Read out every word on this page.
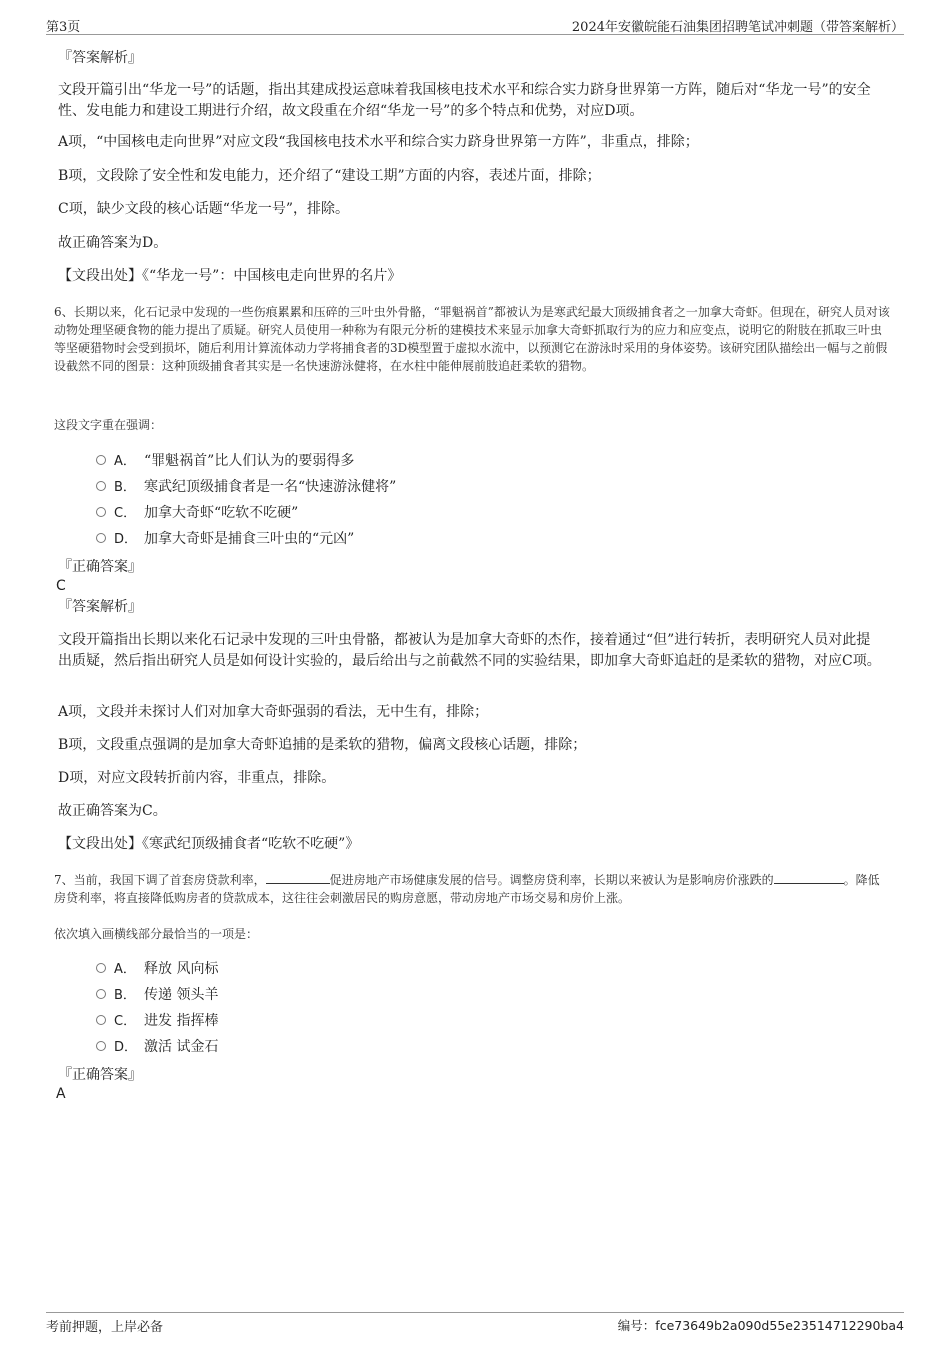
第3页	2024年安徽皖能石油集团招聘笔试冲刺题（带答案解析）
『答案解析』

文段开篇引出“华龙一号”的话题，指出其建成投运意味着我国核电技术水平和综合实力跻身世界第一方阵，随后对“华龙一号”的安全性、发电能力和建设工期进行介绍，故文段重在介绍“华龙一号”的多个特点和优势，对应D项。

A项，“中国核电走向世界”对应文段“我国核电技术水平和综合实力跻身世界第一方阵”，非重点，排除；

B项，文段除了安全性和发电能力，还介绍了“建设工期”方面的内容，表述片面，排除；

C项，缺少文段的核心话题“华龙一号”，排除。

故正确答案为D。

【文段出处】《“华龙一号”：中国核电走向世界的名片》

6、长期以来，化石记录中发现的一些伤痕累累和压碎的三叶虫外骨骼，“罪魁祸首”都被认为是寒武纪最大顶级捕食者之一加拿大奇虾。但现在，研究人员对该动物处理坚硬食物的能力提出了质疑。研究人员使用一种称为有限元分析的建模技术来显示加拿大奇虾抓取行为的应力和应变点，说明它的附肢在抓取三叶虫等坚硬猎物时会受到损坏，随后利用计算流体动力学将捕食者的3D模型置于虚拟水流中，以预测它在游泳时采用的身体姿势。该研究团队描绘出一幅与之前假设截然不同的图景：这种顶级捕食者其实是一名快速游泳健将，在水柱中能伸展前肢追赶柔软的猎物。

这段文字重在强调：

A． “罪魁祸首”比人们认为的要弱得多
B． 寒武纪顶级捕食者是一名“快速游泳健将”
C． 加拿大奇虾“吃软不吃硬”
D． 加拿大奇虾是捕食三叶虫的“元凶”
『正确答案』
C
『答案解析』

文段开篇指出长期以来化石记录中发现的三叶虫骨骼，都被认为是加拿大奇虾的杰作，接着通过“但”进行转折，表明研究人员对此提出质疑，然后指出研究人员是如何设计实验的，最后给出与之前截然不同的实验结果，即加拿大奇虾追赶的是柔软的猎物，对应C项。

A项，文段并未探讨人们对加拿大奇虾强弱的看法，无中生有，排除；

B项，文段重点强调的是加拿大奇虾追捕的是柔软的猎物，偏离文段核心话题，排除；

D项，对应文段转折前内容，非重点，排除。

故正确答案为C。

【文段出处】《寒武纪顶级捕食者“吃软不吃硬”》

7、当前，我国下调了首套房贷款利率，	促进房地产市场健康发展的信号。调整房贷利率，长期以来被认为是影响房价涨跌的	。降低房贷利率，将直接降低购房者的贷款成本，这往往会刺激居民的购房意愿，带动房地产市场交易和房价上涨。

依次填入画横线部分最恰当的一项是：

A． 释放 风向标
B． 传递 领头羊
C． 进发 指挥棒
D． 激活 试金石
『正确答案』
A
考前押题，上岸必备	编号：fce73649b2a090d55e23514712290ba4
